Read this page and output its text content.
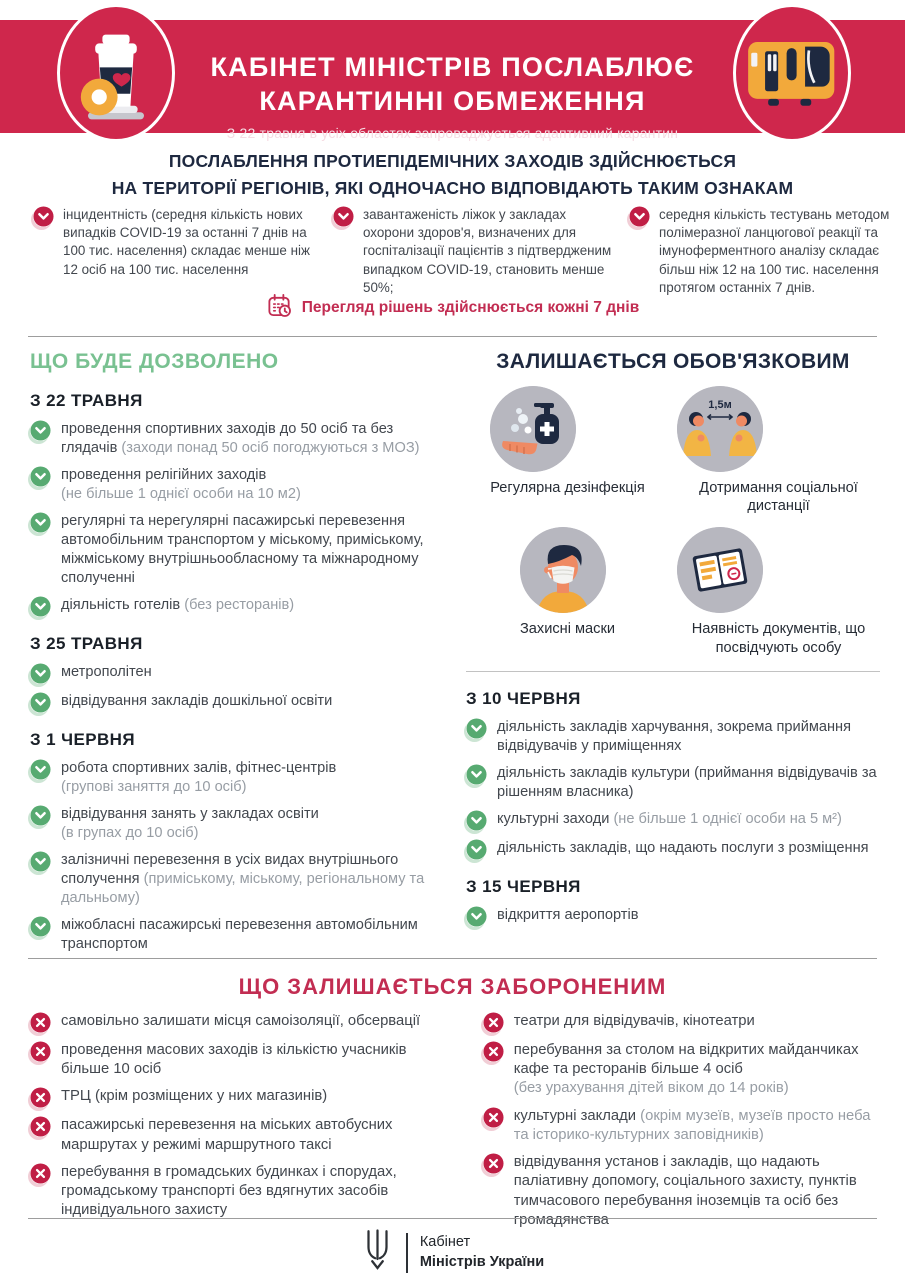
КАБІНЕТ МІНІСТРІВ ПОСЛАБЛЮЄ
КАРАНТИННІ ОБМЕЖЕННЯ
З 22 травня в усіх областях запроваджується адаптивний карантин
ПОСЛАБЛЕННЯ ПРОТИЕПІДЕМІЧНИХ ЗАХОДІВ ЗДІЙСНЮЄТЬСЯ
НА ТЕРИТОРІЇ РЕГІОНІВ, ЯКІ ОДНОЧАСНО ВІДПОВІДАЮТЬ ТАКИМ ОЗНАКАМ

інцидентність (середня кількість нових випадків COVID-19 за останні 7 днів на 100 тис. населення) складає менше ніж 12 осіб на 100 тис. населення

завантаженість ліжок у закладах охорони здоров'я, визначених для госпіталізації пацієнтів з підтвердженим випадком COVID-19, становить менше 50%;

середня кількість тестувань методом полімеразної ланцюгової реакції та імуноферментного аналізу складає більш ніж 12 на 100 тис. населення протягом останніх 7 днів.

Перегляд рішень здійснюється кожні 7 днів
ЩО БУДЕ ДОЗВОЛЕНО
З 22 ТРАВНЯ

проведення спортивних заходів до 50 осіб та без глядачів (заходи понад 50 осіб погоджуються з МОЗ)

проведення релігійних заходів
(не більше 1 однієї особи на 10 м2)

регулярні та нерегулярні пасажирські перевезення автомобільним транспортом у міському, приміському, міжміському внутрішньообласному та міжнародному сполученні

діяльність готелів (без ресторанів)

З 25 ТРАВНЯ

метрополітен

відвідування закладів дошкільної освіти

З 1 ЧЕРВНЯ

робота спортивних залів, фітнес-центрів
(групові заняття до 10 осіб)

відвідування занять у закладах освіти
(в групах до 10 осіб)

залізничні перевезення в усіх видах внутрішнього сполучення (приміському, міському, регіональному та дальньому)

міжобласні пасажирські перевезення автомобільним транспортом

ЗАЛИШАЄТЬСЯ ОБОВ'ЯЗКОВИМ
Регулярна дезінфекція
1,5м
Дотримання соціальної дистанції
Захисні маски	Наявність документів, що посвідчують особу
З 10 ЧЕРВНЯ

діяльність закладів харчування, зокрема приймання відвідувачів у приміщеннях

діяльність закладів культури (приймання відвідувачів за рішенням власника)

культурні заходи (не більше 1 однієї особи на 5 м²)

діяльність закладів, що надають послуги з розміщення

З 15 ЧЕРВНЯ

відкриття аеропортів

ЩО ЗАЛИШАЄТЬСЯ ЗАБОРОНЕНИМ

самовільно залишати місця самоізоляції, обсервації

проведення масових заходів із кількістю учасників більше 10 осіб

ТРЦ (крім розміщених у них магазинів)

пасажирські перевезення на міських автобусних маршрутах у режимі маршрутного таксі

перебування в громадських будинках і спорудах, громадському транспорті без вдягнутих засобів індивідуального захисту

театри для відвідувачів, кінотеатри

перебування за столом на відкритих майданчиках кафе та ресторанів більше 4 осіб
(без урахування дітей віком до 14 років)

культурні заклади (окрім музеїв, музеїв просто неба та історико-культурних заповідників)

відвідування установ і закладів, що надають паліативну допомогу, соціального захисту, пунктів тимчасового перебування іноземців та осіб без громадянства

Кабінет
Міністрів України
